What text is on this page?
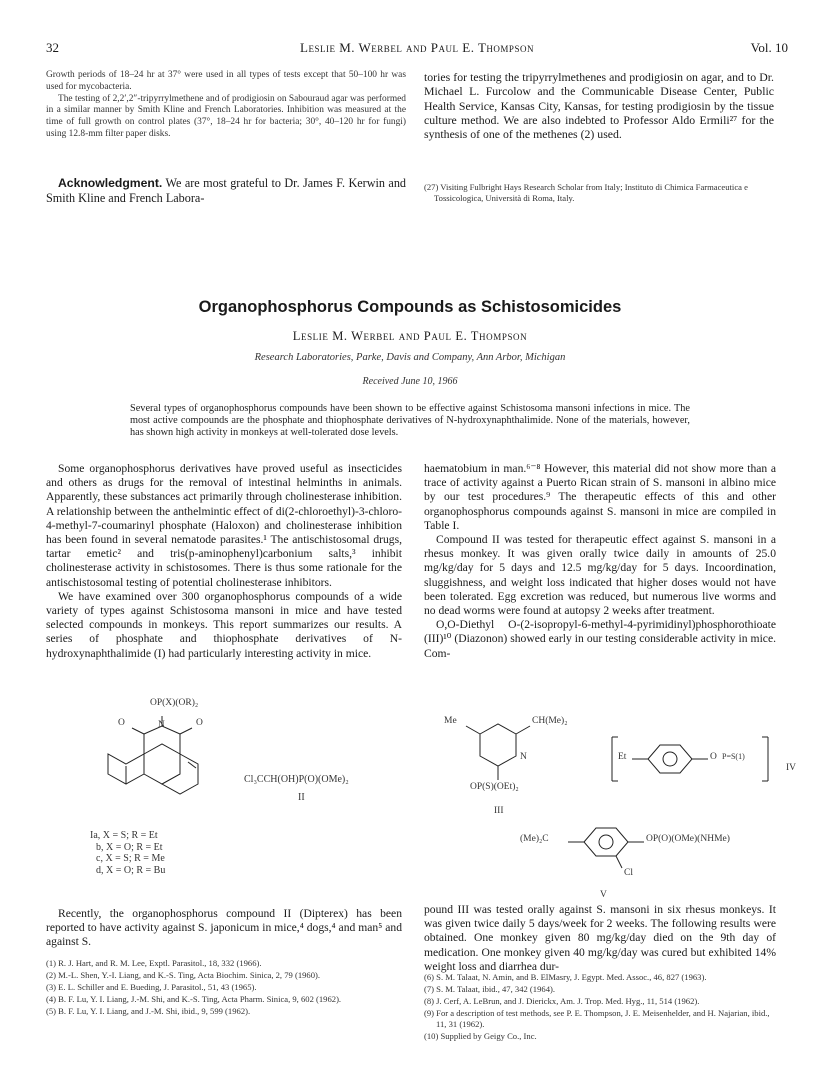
32	Leslie M. Werbel and Paul E. Thompson	Vol. 10

Growth periods of 18–24 hr at 37° were used in all types of tests except that 50–100 hr was used for mycobacteria.

The testing of 2,2′,2″-tripyrrylmethene and of prodigiosin on Sabouraud agar was performed in a similar manner by Smith Kline and French Laboratories. Inhibition was measured at the time of full growth on control plates (37°, 18–24 hr for bacteria; 30°, 40–120 hr for fungi) using 12.8-mm filter paper disks.

Acknowledgment. We are most grateful to Dr. James F. Kerwin and Smith Kline and French Labora-

tories for testing the tripyrrylmethenes and prodigiosin on agar, and to Dr. Michael L. Furcolow and the Communicable Disease Center, Public Health Service, Kansas City, Kansas, for testing prodigiosin by the tissue culture method. We are also indebted to Professor Aldo Ermili²⁷ for the synthesis of one of the methenes (2) used.

(27) Visiting Fulbright Hays Research Scholar from Italy; Instituto di Chimica Farmaceutica e Tossicologica, Università di Roma, Italy.
Organophosphorus Compounds as Schistosomicides
Leslie M. Werbel and Paul E. Thompson
Research Laboratories, Parke, Davis and Company, Ann Arbor, Michigan
Received June 10, 1966
Several types of organophosphorus compounds have been shown to be effective against Schistosoma mansoni infections in mice. The most active compounds are the phosphate and thiophosphate derivatives of N-hydroxynaphthalimide. None of the materials, however, has shown high activity in monkeys at well-tolerated dose levels.

Some organophosphorus derivatives have proved useful as insecticides and others as drugs for the removal of intestinal helminths in animals. Apparently, these substances act primarily through cholinesterase inhibition. A relationship between the anthelmintic effect of di(2-chloroethyl)-3-chloro-4-methyl-7-coumarinyl phosphate (Haloxon) and cholinesterase inhibition has been found in several nematode parasites.¹ The antischistosomal drugs, tartar emetic² and tris(p-aminophenyl)carbonium salts,³ inhibit cholinesterase activity in schistosomes. There is thus some rationale for the antischistosomal testing of potential cholinesterase inhibitors.

We have examined over 300 organophosphorus compounds of a wide variety of types against Schistosoma mansoni in mice and have tested selected compounds in monkeys. This report summarizes our results. A series of phosphate and thiophosphate derivatives of N-hydroxynaphthalimide (I) had particularly interesting activity in mice.

OP(X)(OR)₂
O	O
N
Ia, X = S; R = Et
b, X = O; R = Et
c, X = S; R = Me
d, X = O; R = Bu
Cl₃CCH(OH)P(O)(OMe)₂
II

Recently, the organophosphorus compound II (Dipterex) has been reported to have activity against S. japonicum in mice,⁴ dogs,⁴ and man⁵ and against S.

(1) R. J. Hart, and R. M. Lee, Exptl. Parasitol., 18, 332 (1966).

(2) M.-L. Shen, Y.-I. Liang, and K.-S. Ting, Acta Biochim. Sinica, 2, 79 (1960).

(3) E. L. Schiller and E. Bueding, J. Parasitol., 51, 43 (1965).

(4) B. F. Lu, Y. I. Liang, J.-M. Shi, and K.-S. Ting, Acta Pharm. Sinica, 9, 602 (1962).

(5) B. F. Lu, Y. I. Liang, and J.-M. Shi, ibid., 9, 599 (1962).

haematobium in man.⁶⁻⁸ However, this material did not show more than a trace of activity against a Puerto Rican strain of S. mansoni in albino mice by our test procedures.⁹ The therapeutic effects of this and other organophosphorus compounds against S. mansoni in mice are compiled in Table I.

Compound II was tested for therapeutic effect against S. mansoni in a rhesus monkey. It was given orally twice daily in amounts of 25.0 mg/kg/day for 5 days and 12.5 mg/kg/day for 5 days. Incoordination, sluggishness, and weight loss indicated that higher doses would not have been tolerated. Egg excretion was reduced, but numerous live worms and no dead worms were found at autopsy 2 weeks after treatment.

O,O-Diethyl O-(2-isopropyl-6-methyl-4-pyrimidinyl)phosphorothioate (III)¹⁰ (Diazonon) showed early in our testing considerable activity in mice. Com-

Me	CH(Me)₂
N
OP(S)(OEt)₂
III
Et	O P=S(1)
IV
(Me)₂C	OP(O)(OMe)(NHMe)
Cl
V

pound III was tested orally against S. mansoni in six rhesus monkeys. It was given twice daily 5 days/week for 2 weeks. The following results were obtained. One monkey given 80 mg/kg/day died on the 9th day of medication. One monkey given 40 mg/kg/day was cured but exhibited 14% weight loss and diarrhea dur-

(6) S. M. Talaat, N. Amin, and B. ElMasry, J. Egypt. Med. Assoc., 46, 827 (1963).

(7) S. M. Talaat, ibid., 47, 342 (1964).

(8) J. Cerf, A. LeBrun, and J. Dierickx, Am. J. Trop. Med. Hyg., 11, 514 (1962).

(9) For a description of test methods, see P. E. Thompson, J. E. Meisenhelder, and H. Najarian, ibid., 11, 31 (1962).

(10) Supplied by Geigy Co., Inc.
